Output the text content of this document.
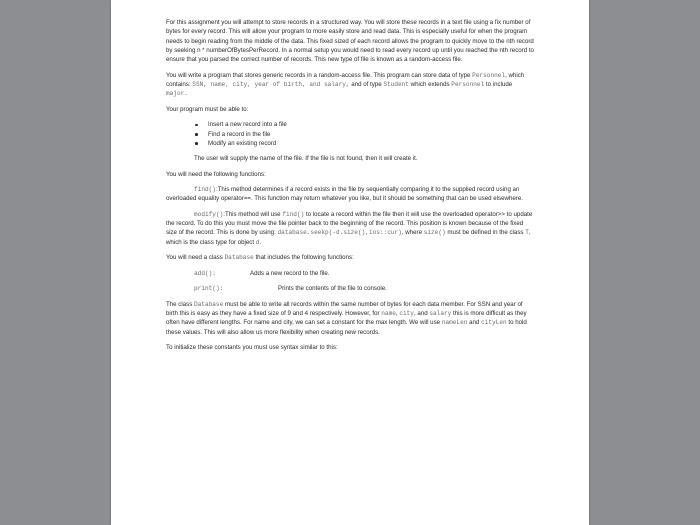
For this assignment you will attempt to store records in a structured way. You will store these records in a text file using a fix number of bytes for every record. This will allow your program to more easily store and read data. This is especially useful for when the program needs to begin reading from the middle of the data. This fixed sized of each record allows the program to quickly move to the nth record by seeking n * numberOfBytesPerRecord. In a normal setup you would need to read every record up until you reached the nth record to ensure that you parsed the correct number of records. This new type of file is known as a random-access file.

You will write a program that stores generic records in a random-access file. This program can store data of type Personnel, which contains: SSN, name, city, year of birth, and salary, and of type Student which extends Personnel to include major.

Your program must be able to:

Insert a new record into a file
Find a record in the file
Modify an existing record

The user will supply the name of the file. If the file is not found, then it will create it.

You will need the following functions:

find():This method determines if a record exists in the file by sequentially comparing it to the supplied record using an overloaded equality operator==. This function may return whatever you like, but it should be something that can be used elsewhere.

modify():This method will use find() to locate a record within the file then it will use the overloaded operator>> to update the record. To do this you must move the file pointer back to the beginning of the record. This position is known because of the fixed size of the record. This is done by using: database.seekp(-d.size(),ios::cur), where size() must be defined in the class T, which is the class type for object d.

You will need a class Database that includes the following functions:

add():	Adds a new record to the file.
print():	Prints the contents of the file to console.

The class Database must be able to write all records within the same number of bytes for each data member. For SSN and year of birth this is easy as they have a fixed size of 9 and 4 respectively. However, for name, city, and salary this is more difficult as they often have different lengths. For name and city, we can set a constant for the max length. We will use nameLen and cityLen to hold these values. This will also allow us more flexibility when creating new records.

To initialize these constants you must use syntax similar to this:
